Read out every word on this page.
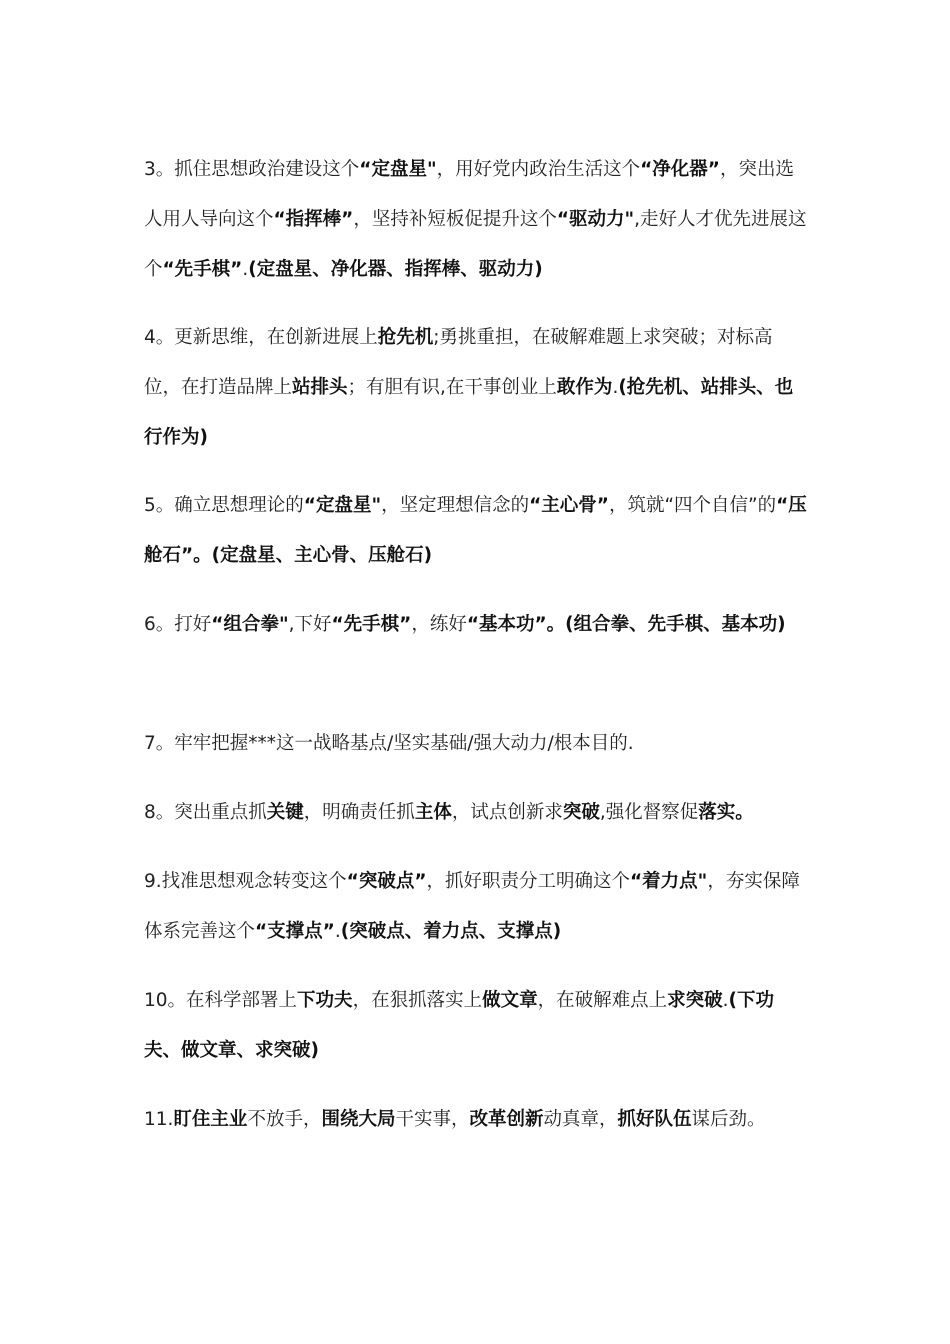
3。抓住思想政治建设这个“定盘星"，用好党内政治生活这个“净化器”，突出选人用人导向这个“指挥棒”，坚持补短板促提升这个“驱动力",走好人才优先进展这个“先手棋”.(定盘星、净化器、指挥棒、驱动力)

4。更新思维，在创新进展上抢先机;勇挑重担，在破解难题上求突破；对标高位，在打造品牌上站排头；有胆有识,在干事创业上敢作为.(抢先机、站排头、也行作为)

5。确立思想理论的“定盘星"，坚定理想信念的“主心骨”，筑就“四个自信”的“压舱石”。(定盘星、主心骨、压舱石)

6。打好“组合拳",下好“先手棋”，练好“基本功”。(组合拳、先手棋、基本功)

7。牢牢把握***这一战略基点/坚实基础/强大动力/根本目的.

8。突出重点抓关键，明确责任抓主体，试点创新求突破,强化督察促落实。

9.找准思想观念转变这个“突破点”，抓好职责分工明确这个“着力点"，夯实保障体系完善这个“支撑点”.(突破点、着力点、支撑点)

10。在科学部署上下功夫，在狠抓落实上做文章，在破解难点上求突破.(下功夫、做文章、求突破)

11.盯住主业不放手，围绕大局干实事，改革创新动真章，抓好队伍谋后劲。
